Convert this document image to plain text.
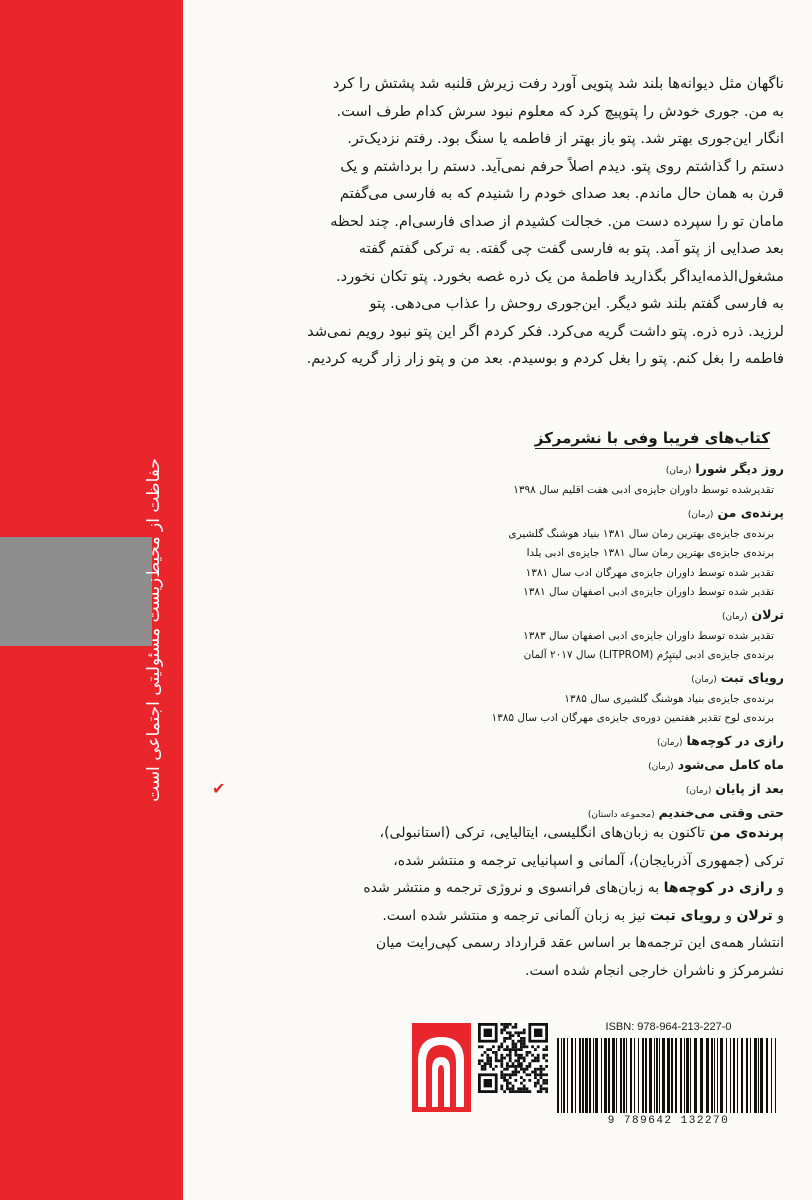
حفاظت از محیط‌زیست مسئولیتی اجتماعی است

ناگهان مثل دیوانه‌ها بلند شد پتویی آورد رفت زیرش قلنبه شد پشتش را کرد

به من. جوری خودش را پتوپیچ کرد که معلوم نبود سرش کدام طرف است.

انگار این‌جوری بهتر شد. پتو باز بهتر از فاطمه یا سنگ بود. رفتم نزدیک‌تر.

دستم را گذاشتم روی پتو. دیدم اصلاً حرفم نمی‌آید. دستم را برداشتم و یک

قرن به همان حال ماندم. بعد صدای خودم را شنیدم که به فارسی می‌گفتم

مامان تو را سپرده دست من. خجالت کشیدم از صدای فارسی‌ام. چند لحظه

بعد صدایی از پتو آمد. پتو به فارسی گفت چی گفته. به ترکی گفتم گفته

مشغول‌الذمه‌ایداگر بگذارید فاطمهٔ من یک ذره غصه بخورد. پتو تکان نخورد.

به فارسی گفتم بلند شو دیگر. این‌جوری روحش را عذاب می‌دهی. پتو

لرزید. ذره ذره. پتو داشت گریه می‌کرد. فکر کردم اگر این پتو نبود رویم نمی‌شد

فاطمه را بغل کنم. پتو را بغل کردم و بوسیدم. بعد من و پتو زار زار گریه کردیم.

کتاب‌های فریبا وفی با نشرمرکز
روز دیگر شورا(رمان)
تقدیرشده توسط داوران جایزه‌ی ادبی هفت اقلیم سال ۱۳۹۸
پرنده‌ی من(رمان)
برنده‌ی جایزه‌ی بهترین رمان سال ۱۳۸۱ بنیاد هوشنگ گلشیری
برنده‌ی جایزه‌ی بهترین رمان سال ۱۳۸۱ جایزه‌ی ادبی یلدا
تقدیر شده توسط داوران جایزه‌ی مهرگان ادب سال ۱۳۸۱
تقدیر شده توسط داوران جایزه‌ی ادبی اصفهان سال ۱۳۸۱
ترلان(رمان)
تقدیر شده توسط داوران جایزه‌ی ادبی اصفهان سال ۱۳۸۳
برنده‌ی جایزه‌ی ادبی لیتپِرُم (LITPROM) سال ۲۰۱۷ آلمان
رویای تبت(رمان)
برنده‌ی جایزه‌ی بنیاد هوشنگ گلشیری سال ۱۳۸۵
برنده‌ی لوح تقدیر هفتمین دوره‌ی جایزه‌ی مهرگان ادب سال ۱۳۸۵
رازی در کوچه‌ها(رمان)
ماه کامل می‌شود(رمان)
بعد از پایان(رمان)
✔
حتی وقتی می‌خندیم(مجموعه داستان)

پرنده‌ی من تاکنون به زبان‌های انگلیسی، ایتالیایی، ترکی (استانبولی)،

ترکی (جمهوری آذربایجان)، آلمانی و اسپانیایی ترجمه و منتشر شده،

و رازی در کوچه‌ها به زبان‌های فرانسوی و نروژی ترجمه و منتشر شده

و ترلان و رویای تبت نیز به زبان آلمانی ترجمه و منتشر شده است.

انتشار همه‌ی این ترجمه‌ها بر اساس عقد قرارداد رسمی کپی‌رایت میان

نشرمرکز و ناشران خارجی انجام شده است.

ISBN: 978-964-213-227-0
9 789642 132270
